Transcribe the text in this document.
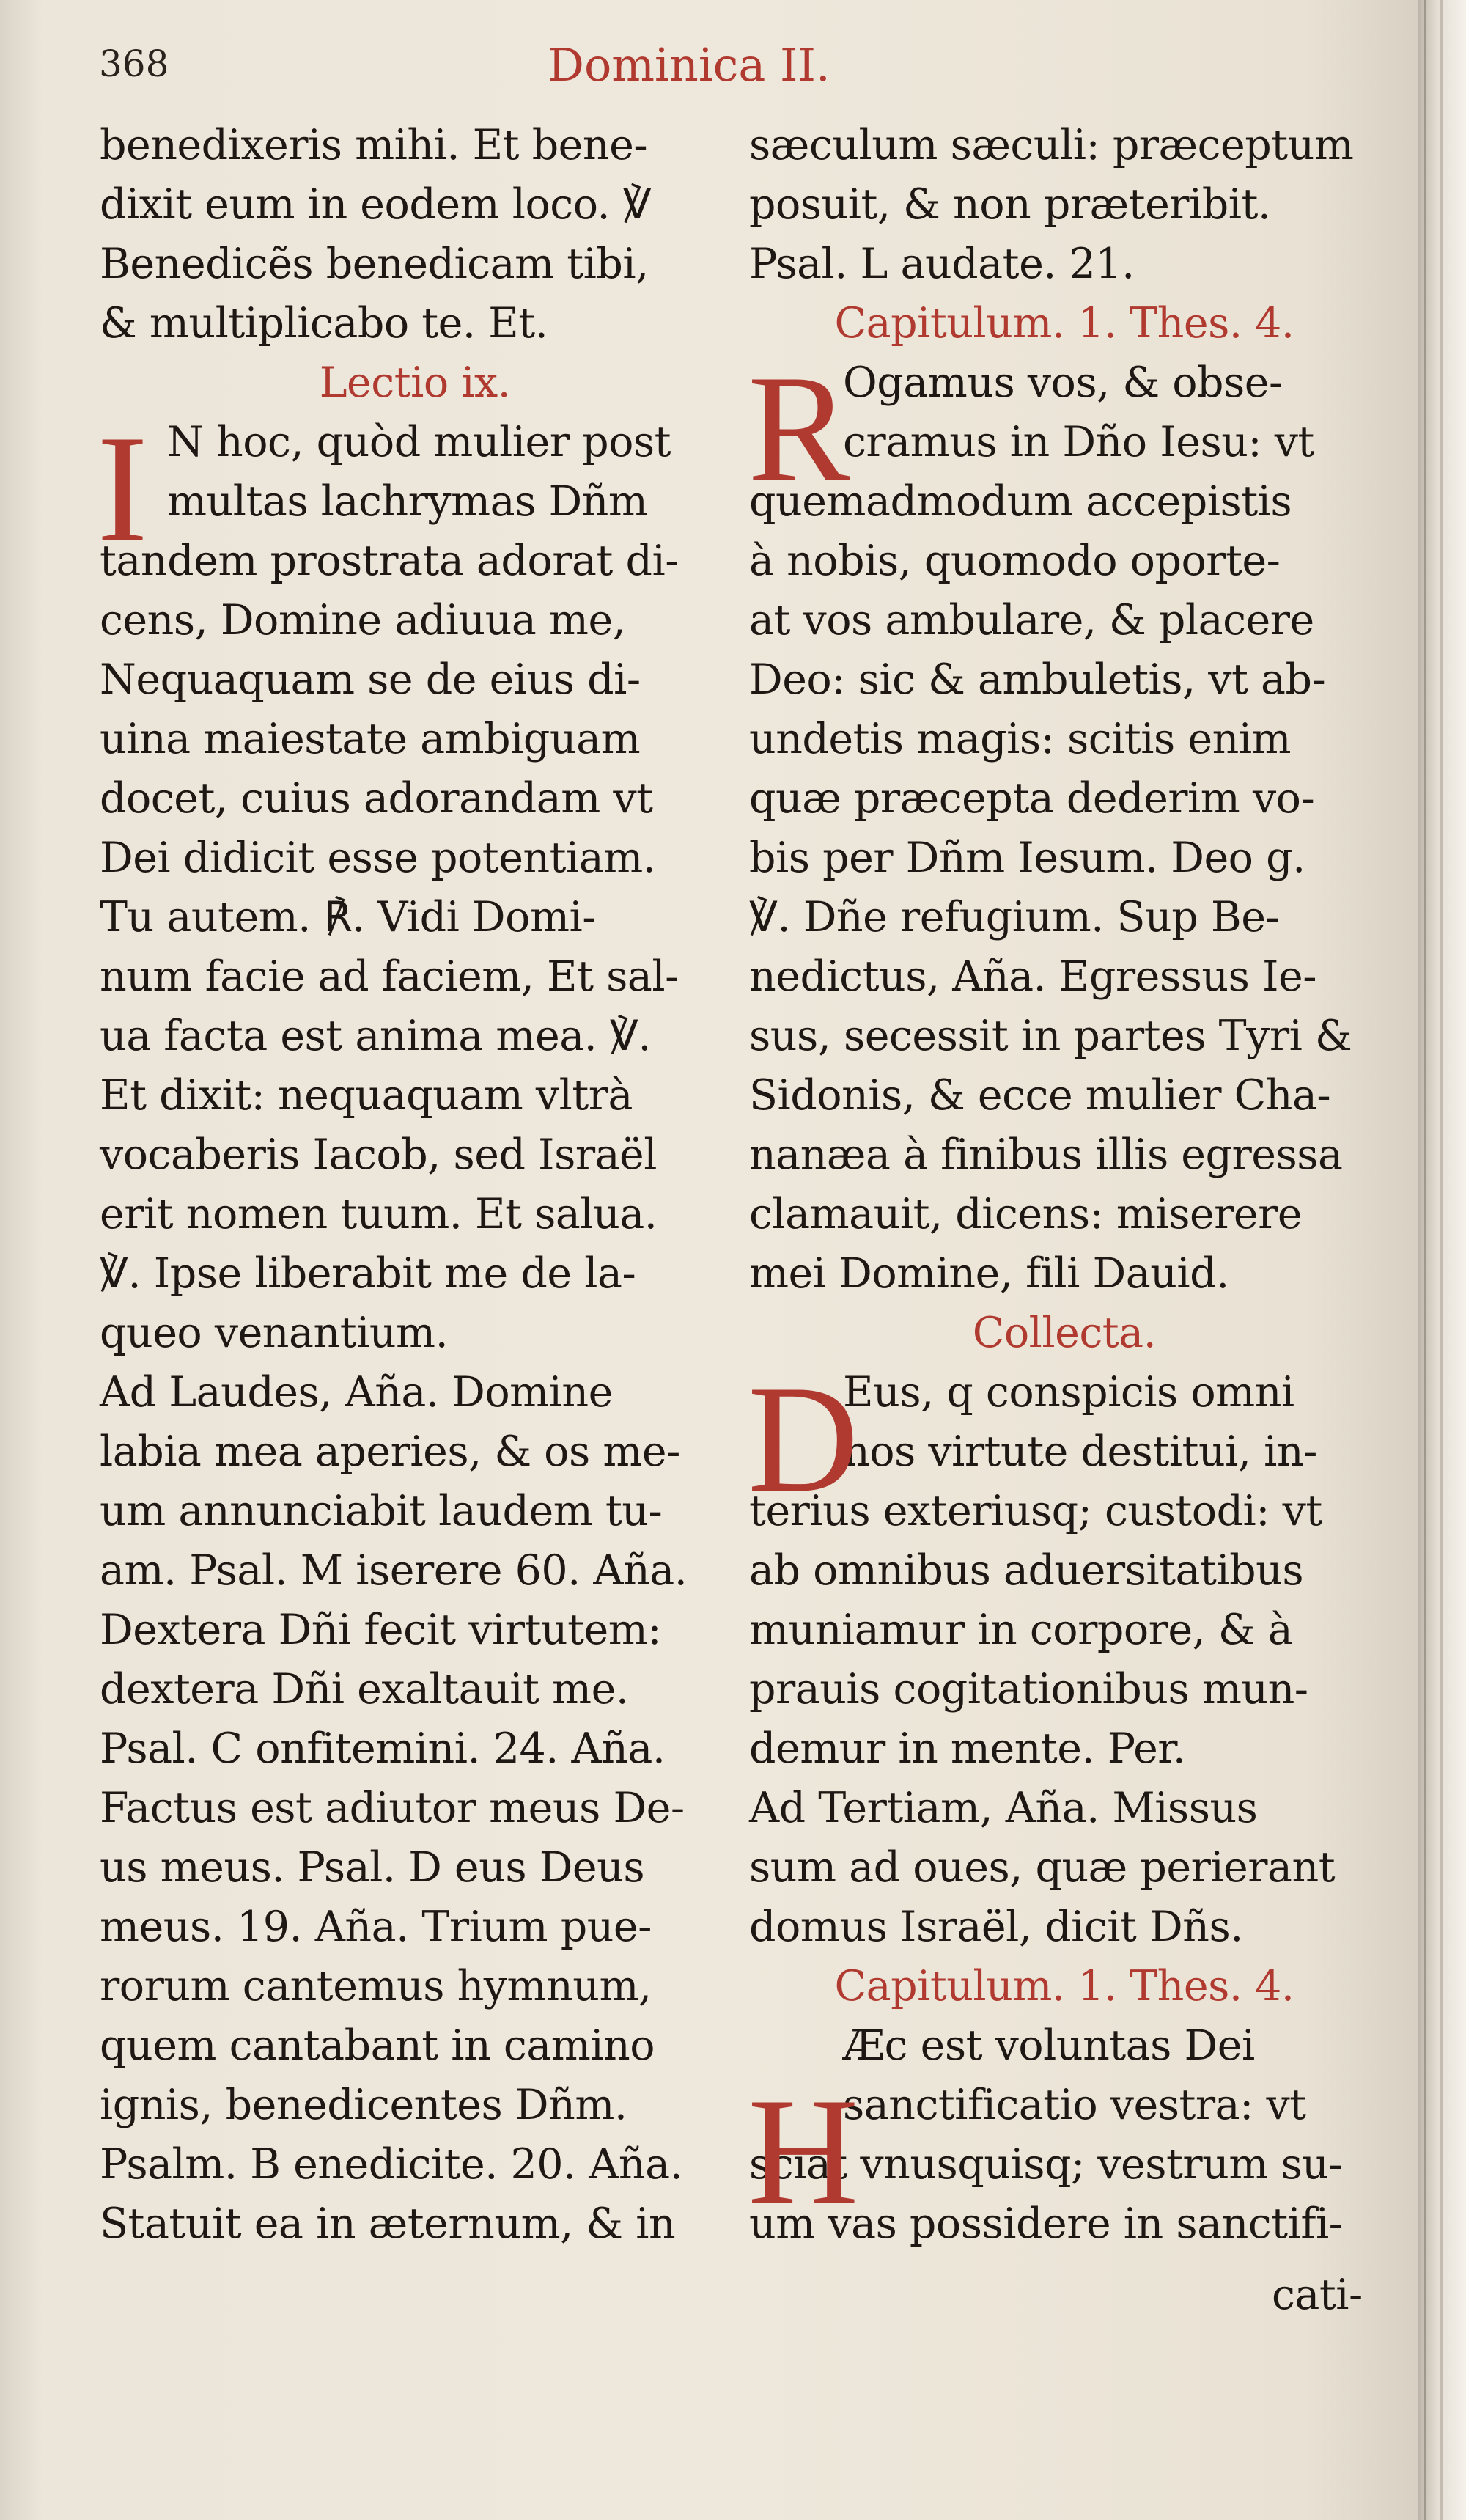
368	Dominica II.
benedixeris mihi. Et bene-
dixit eum in eodem loco. ℣
Benedicẽs benedicam tibi,
& multiplicabo te. Et.
Lectio ix.
N hoc, quòd mulier post
multas lachrymas Dñm
tandem prostrata adorat di-
cens, Domine adiuua me,
Nequaquam se de eius di-
uina maiestate ambiguam
docet, cuius adorandam vt
Dei didicit esse potentiam.
Tu autem. ℟. Vidi Domi-
num facie ad faciem, Et sal-
ua facta est anima mea. ℣.
Et dixit: nequaquam vltrà
vocaberis Iacob, sed Israël
erit nomen tuum. Et salua.
℣. Ipse liberabit me de la-
queo venantium.
Ad Laudes, Aña. Domine
labia mea aperies, & os me-
um annunciabit laudem tu-
am. Psal. M iserere 60. Aña.
Dextera Dñi fecit virtutem:
dextera Dñi exaltauit me.
Psal. C onfitemini. 24. Aña.
Factus est adiutor meus De-
us meus. Psal. D eus Deus
meus. 19. Aña. Trium pue-
rorum cantemus hymnum,
quem cantabant in camino
ignis, benedicentes Dñm.
Psalm. B enedicite. 20. Aña.
Statuit ea in æternum, & in
sæculum sæculi: præceptum
posuit, & non præteribit.
Psal. L audate. 21.
Capitulum. 1. Thes. 4.
Ogamus vos, & obse-
cramus in Dño Iesu: vt
quemadmodum accepistis
à nobis, quomodo oporte-
at vos ambulare, & placere
Deo: sic & ambuletis, vt ab-
undetis magis: scitis enim
quæ præcepta dederim vo-
bis per Dñm Iesum. Deo g.
℣. Dñe refugium. Sup Be-
nedictus, Aña. Egressus Ie-
sus, secessit in partes Tyri &
Sidonis, & ecce mulier Cha-
nanæa à finibus illis egressa
clamauit, dicens: miserere
mei Domine, fili Dauid.
Collecta.
Eus, q conspicis omni
nos virtute destitui, in-
terius exteriusq; custodi: vt
ab omnibus aduersitatibus
muniamur in corpore, & à
prauis cogitationibus mun-
demur in mente. Per.
Ad Tertiam, Aña. Missus
sum ad oues, quæ perierant
domus Israël, dicit Dñs.
Capitulum. 1. Thes. 4.
Æc est voluntas Dei
sanctificatio vestra: vt
sciat vnusquisq; vestrum su-
um vas possidere in sanctifi-
I	R
D
H
cati-
